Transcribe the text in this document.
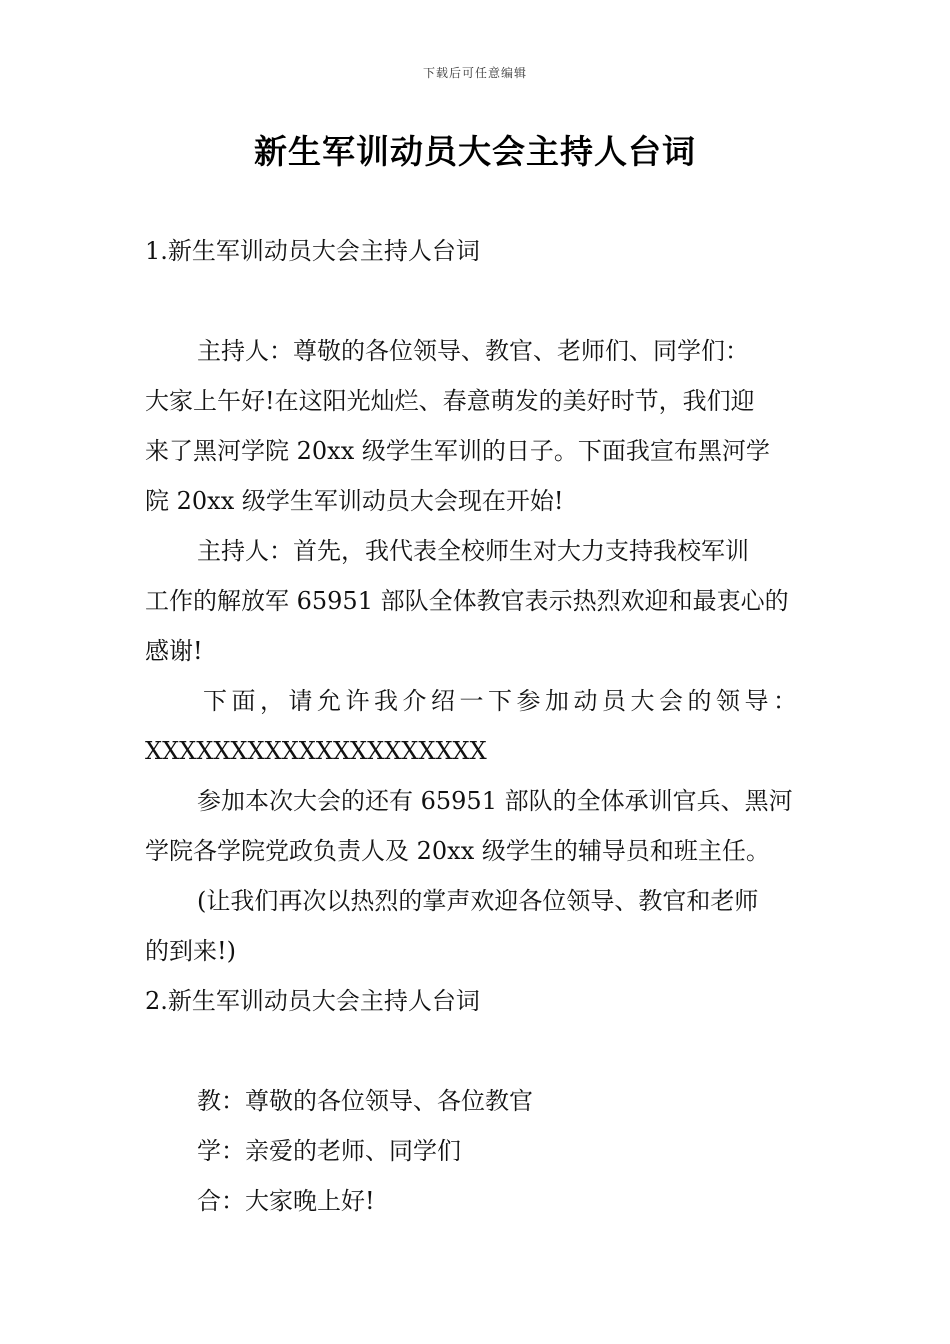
下载后可任意编辑
新生军训动员大会主持人台词
1.新生军训动员大会主持人台词
主持人：尊敬的各位领导、教官、老师们、同学们：
大家上午好!在这阳光灿烂、春意萌发的美好时节，我们迎
来了黑河学院 20xx 级学生军训的日子。下面我宣布黑河学
院 20xx 级学生军训动员大会现在开始!
主持人：首先，我代表全校师生对大力支持我校军训
工作的解放军 65951 部队全体教官表示热烈欢迎和最衷心的
感谢!
下面，请允许我介绍一下参加动员大会的领导：
XXXXXXXXXXXXXXXXXXXX
参加本次大会的还有 65951 部队的全体承训官兵、黑河
学院各学院党政负责人及 20xx 级学生的辅导员和班主任。
(让我们再次以热烈的掌声欢迎各位领导、教官和老师
的到来!)
2.新生军训动员大会主持人台词
教：尊敬的各位领导、各位教官
学：亲爱的老师、同学们
合：大家晚上好!
